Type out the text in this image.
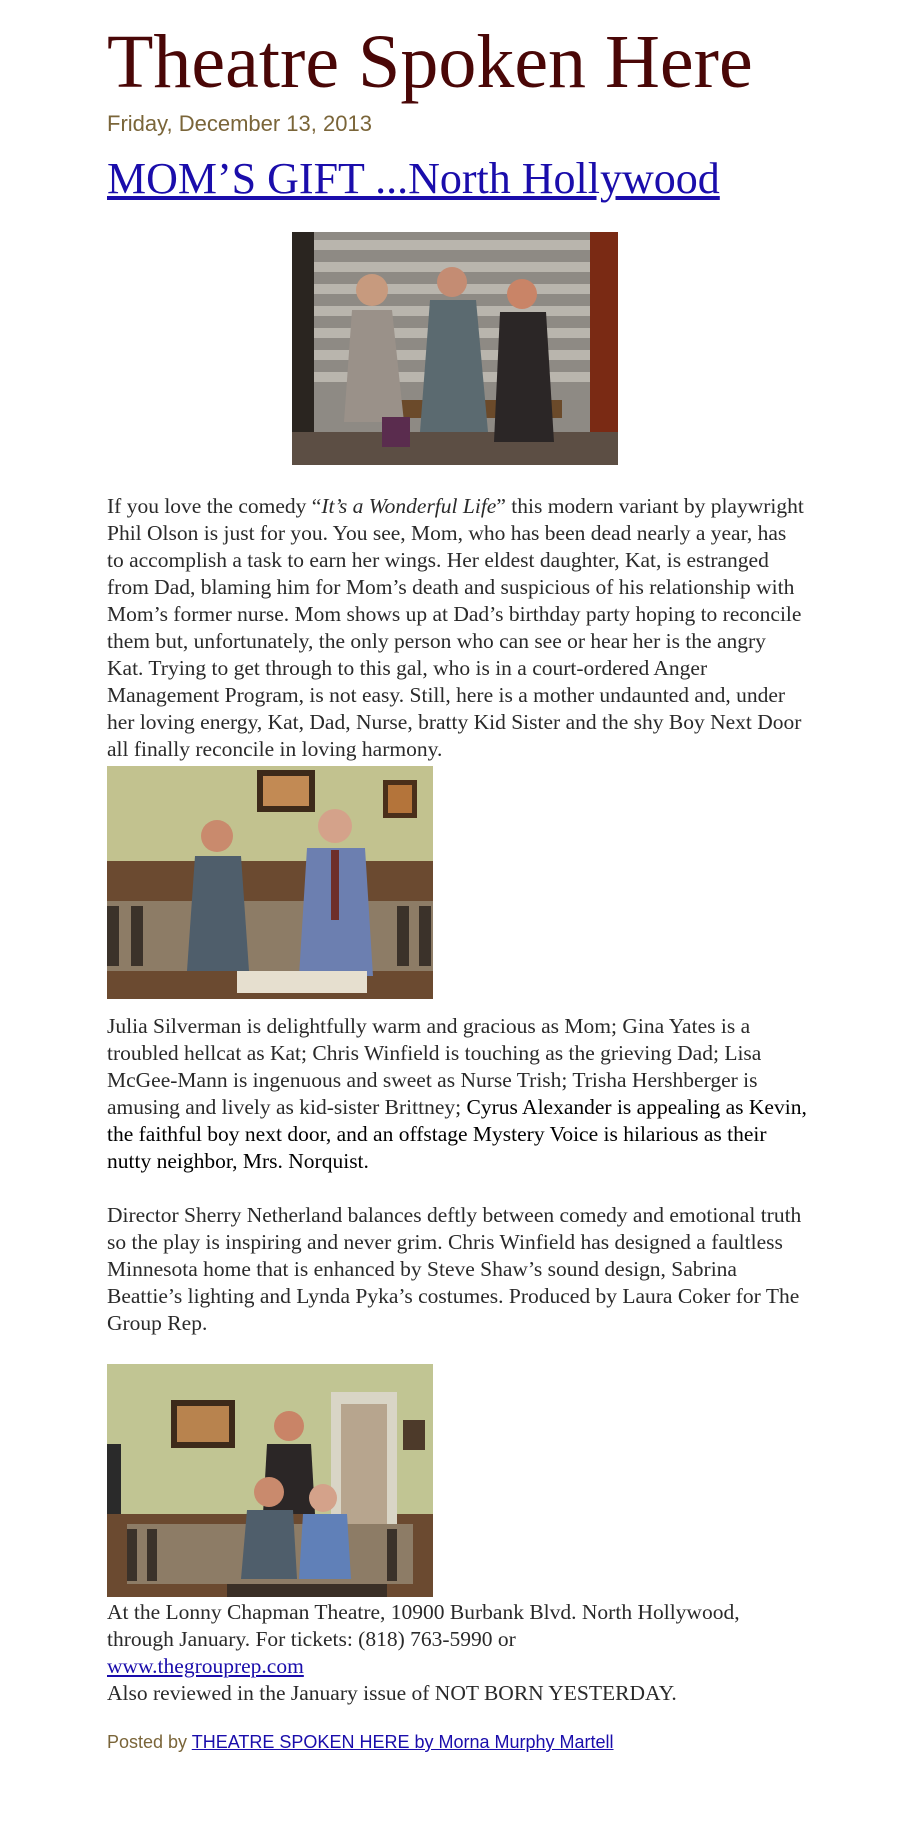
Theatre Spoken Here
Friday, December 13, 2013
MOM’S GIFT ...North Hollywood
If you love the comedy “It’s a Wonderful Life” this modern variant by playwright Phil Olson is just for you. You see, Mom, who has been dead nearly a year, has to accomplish a task to earn her wings. Her eldest daughter, Kat, is estranged from Dad, blaming him for Mom’s death and suspicious of his relationship with Mom’s former nurse. Mom shows up at Dad’s birthday party hoping to reconcile them but, unfortunately, the only person who can see or hear her is the angry Kat. Trying to get through to this gal, who is in a court-ordered Anger Management Program, is not easy. Still, here is a mother undaunted and, under her loving energy, Kat, Dad, Nurse, bratty Kid Sister and the shy Boy Next Door all finally reconcile in loving harmony.
Julia Silverman is delightfully warm and gracious as Mom; Gina Yates is a troubled hellcat as Kat; Chris Winfield is touching as the grieving Dad; Lisa McGee-Mann is ingenuous and sweet as Nurse Trish; Trisha Hershberger is amusing and lively as kid-sister Brittney; Cyrus Alexander is appealing as Kevin, the faithful boy next door, and an offstage Mystery Voice is hilarious as their nutty neighbor, Mrs. Norquist.
Director Sherry Netherland balances deftly between comedy and emotional truth so the play is inspiring and never grim. Chris Winfield has designed a faultless Minnesota home that is enhanced by Steve Shaw’s sound design, Sabrina Beattie’s lighting and Lynda Pyka’s costumes. Produced by Laura Coker for The Group Rep.
At the Lonny Chapman Theatre, 10900 Burbank Blvd. North Hollywood, through January. For tickets: (818) 763-5990 or
www.thegrouprep.com
Also reviewed in the January issue of NOT BORN YESTERDAY.
Posted by THEATRE SPOKEN HERE by Morna Murphy Martell
